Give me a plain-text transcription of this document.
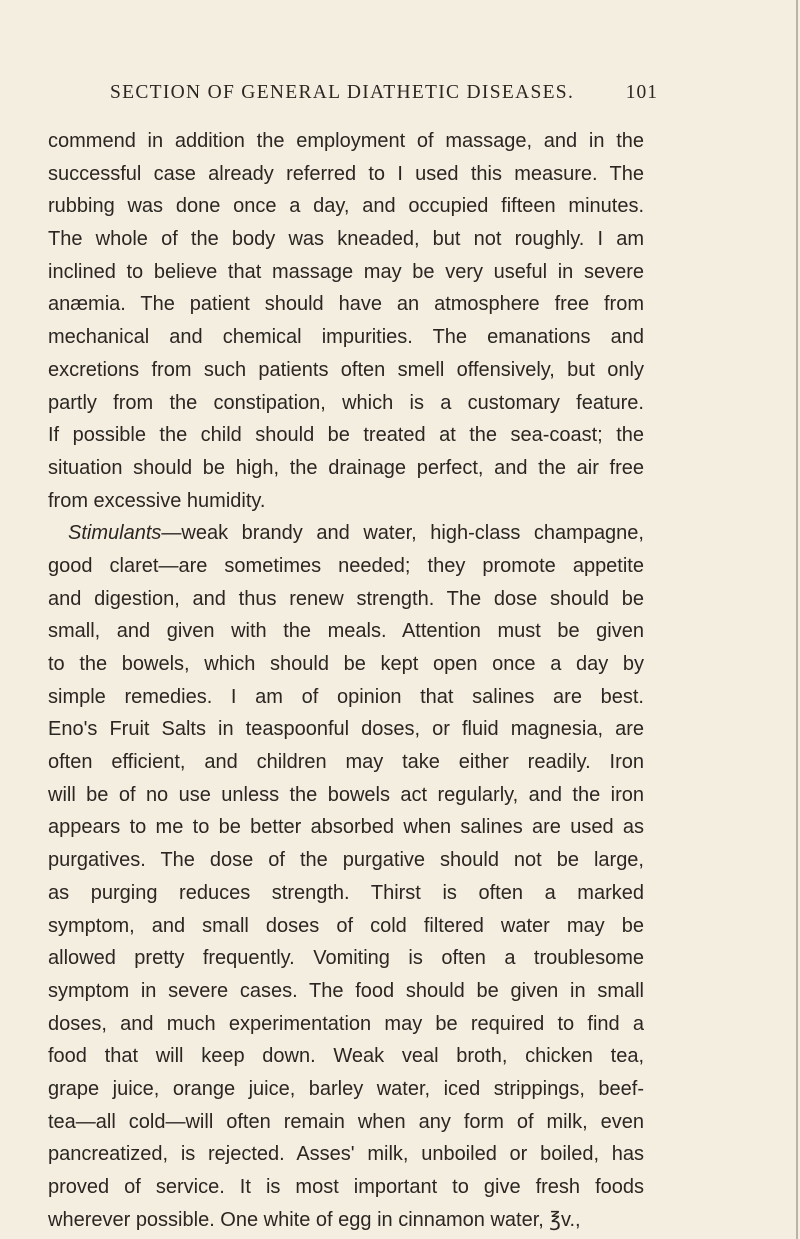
SECTION OF GENERAL DIATHETIC DISEASES.	101
commend in addition the employment of massage, and in the
successful case already referred to I used this measure. The
rubbing was done once a day, and occupied fifteen minutes.
The whole of the body was kneaded, but not roughly. I am
inclined to believe that massage may be very useful in severe
anæmia. The patient should have an atmosphere free from
mechanical and chemical impurities. The emanations and
excretions from such patients often smell offensively, but only
partly from the constipation, which is a customary feature.
If possible the child should be treated at the sea-coast; the
situation should be high, the drainage perfect, and the air free
from excessive humidity.
Stimulants—weak brandy and water, high-class champagne,
good claret—are sometimes needed; they promote appetite
and digestion, and thus renew strength. The dose should be
small, and given with the meals. Attention must be given
to the bowels, which should be kept open once a day by
simple remedies. I am of opinion that salines are best.
Eno's Fruit Salts in teaspoonful doses, or fluid magnesia, are
often efficient, and children may take either readily. Iron
will be of no use unless the bowels act regularly, and the iron
appears to me to be better absorbed when salines are used as
purgatives. The dose of the purgative should not be large,
as purging reduces strength. Thirst is often a marked
symptom, and small doses of cold filtered water may be
allowed pretty frequently. Vomiting is often a troublesome
symptom in severe cases. The food should be given in small
doses, and much experimentation may be required to find a
food that will keep down. Weak veal broth, chicken tea,
grape juice, orange juice, barley water, iced strippings, beef-
tea—all cold—will often remain when any form of milk, even
pancreatized, is rejected. Asses' milk, unboiled or boiled, has
proved of service. It is most important to give fresh foods
wherever possible. One white of egg in cinnamon water, ℥v.,
